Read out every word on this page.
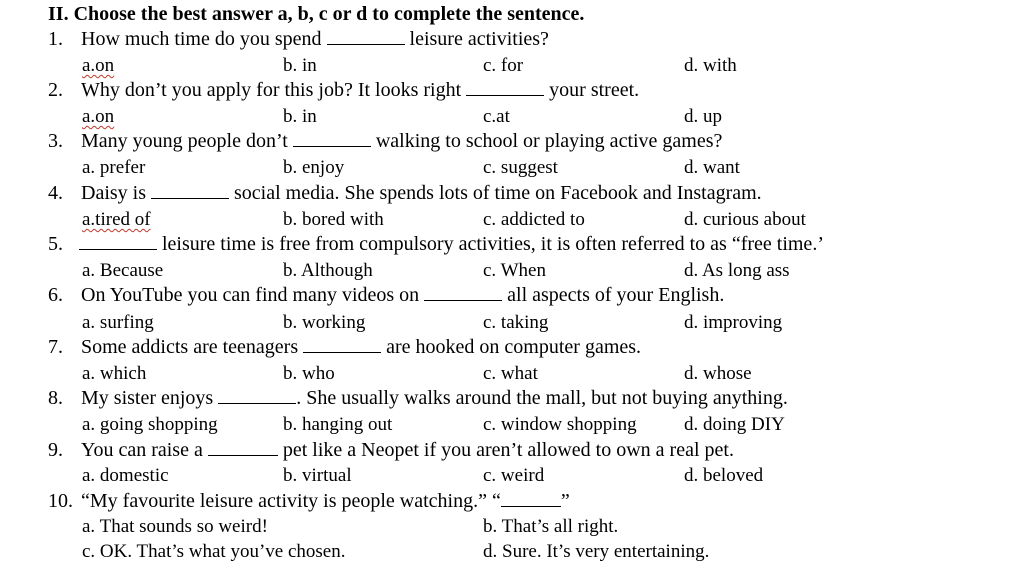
II. Choose the best answer a, b, c or d to complete the sentence.
1. How much time do you spend	leisure activities?
a.on	b. in	c. for	d. with
2. Why don’t you apply for this job? It looks right	your street.
a.on	b. in	c.at	d. up
3. Many young people don’t	walking to school or playing active games?
a. prefer	b. enjoy	c. suggest	d. want
4. Daisy is	social media. She spends lots of time on Facebook and Instagram.
a.tired of	b. bored with	c. addicted to	d. curious about
5.	leisure time is free from compulsory activities, it is often referred to as “free time.’
a. Because	b. Although	c. When	d. As long ass
6. On YouTube you can find many videos on	all aspects of your English.
a. surfing	b. working	c. taking	d. improving
7. Some addicts are teenagers	are hooked on computer games.
a. which	b. who	c. what	d. whose
8. My sister enjoys	. She usually walks around the mall, but not buying anything.
a. going shopping	b. hanging out	c. window shopping d. doing DIY
9. You can raise a	pet like a Neopet if you aren’t allowed to own a real pet.
a. domestic	b. virtual	c. weird	d. beloved
10. “My favourite leisure activity is people watching.” “	”
a. That sounds so weird!	b. That’s all right.
c. OK. That’s what you’ve chosen.	d. Sure. It’s very entertaining.
